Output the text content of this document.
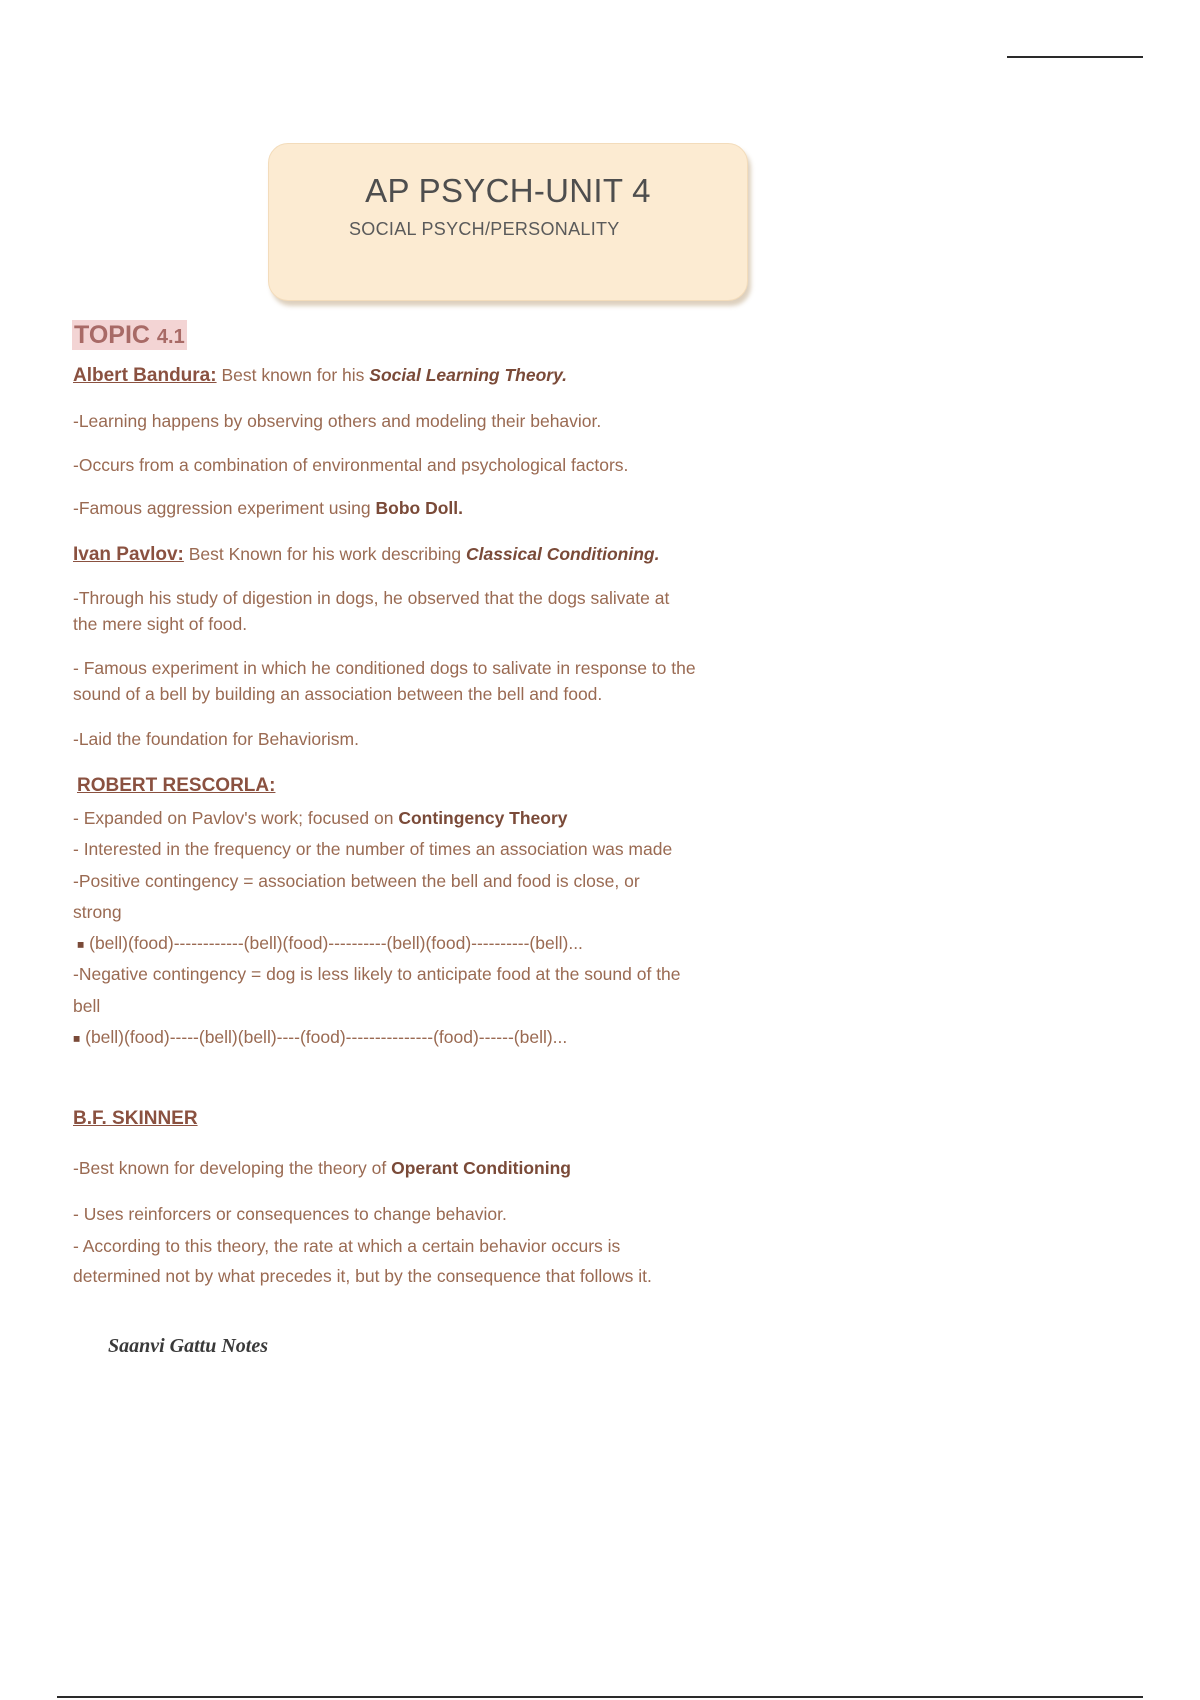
AP PSYCH-UNIT 4
SOCIAL PSYCH/PERSONALITY
TOPIC 4.1
Albert Bandura: Best known for his Social Learning Theory.
-Learning happens by observing others and modeling their behavior.
-Occurs from a combination of environmental and psychological factors.
-Famous aggression experiment using Bobo Doll.
Ivan Pavlov: Best Known for his work describing Classical Conditioning.
-Through his study of digestion in dogs, he observed that the dogs salivate at
the mere sight of food.
- Famous experiment in which he conditioned dogs to salivate in response to the
sound of a bell by building an association between the bell and food.
-Laid the foundation for Behaviorism.
ROBERT RESCORLA:
- Expanded on Pavlov's work; focused on Contingency Theory
- Interested in the frequency or the number of times an association was made
-Positive contingency = association between the bell and food is close, or
strong
■ (bell)(food)------------(bell)(food)----------(bell)(food)----------(bell)...
-Negative contingency = dog is less likely to anticipate food at the sound of the
bell
■ (bell)(food)-----(bell)(bell)----(food)---------------(food)------(bell)...
B.F. SKINNER
-Best known for developing the theory of Operant Conditioning
- Uses reinforcers or consequences to change behavior.
- According to this theory, the rate at which a certain behavior occurs is
determined not by what precedes it, but by the consequence that follows it.
Saanvi Gattu Notes
